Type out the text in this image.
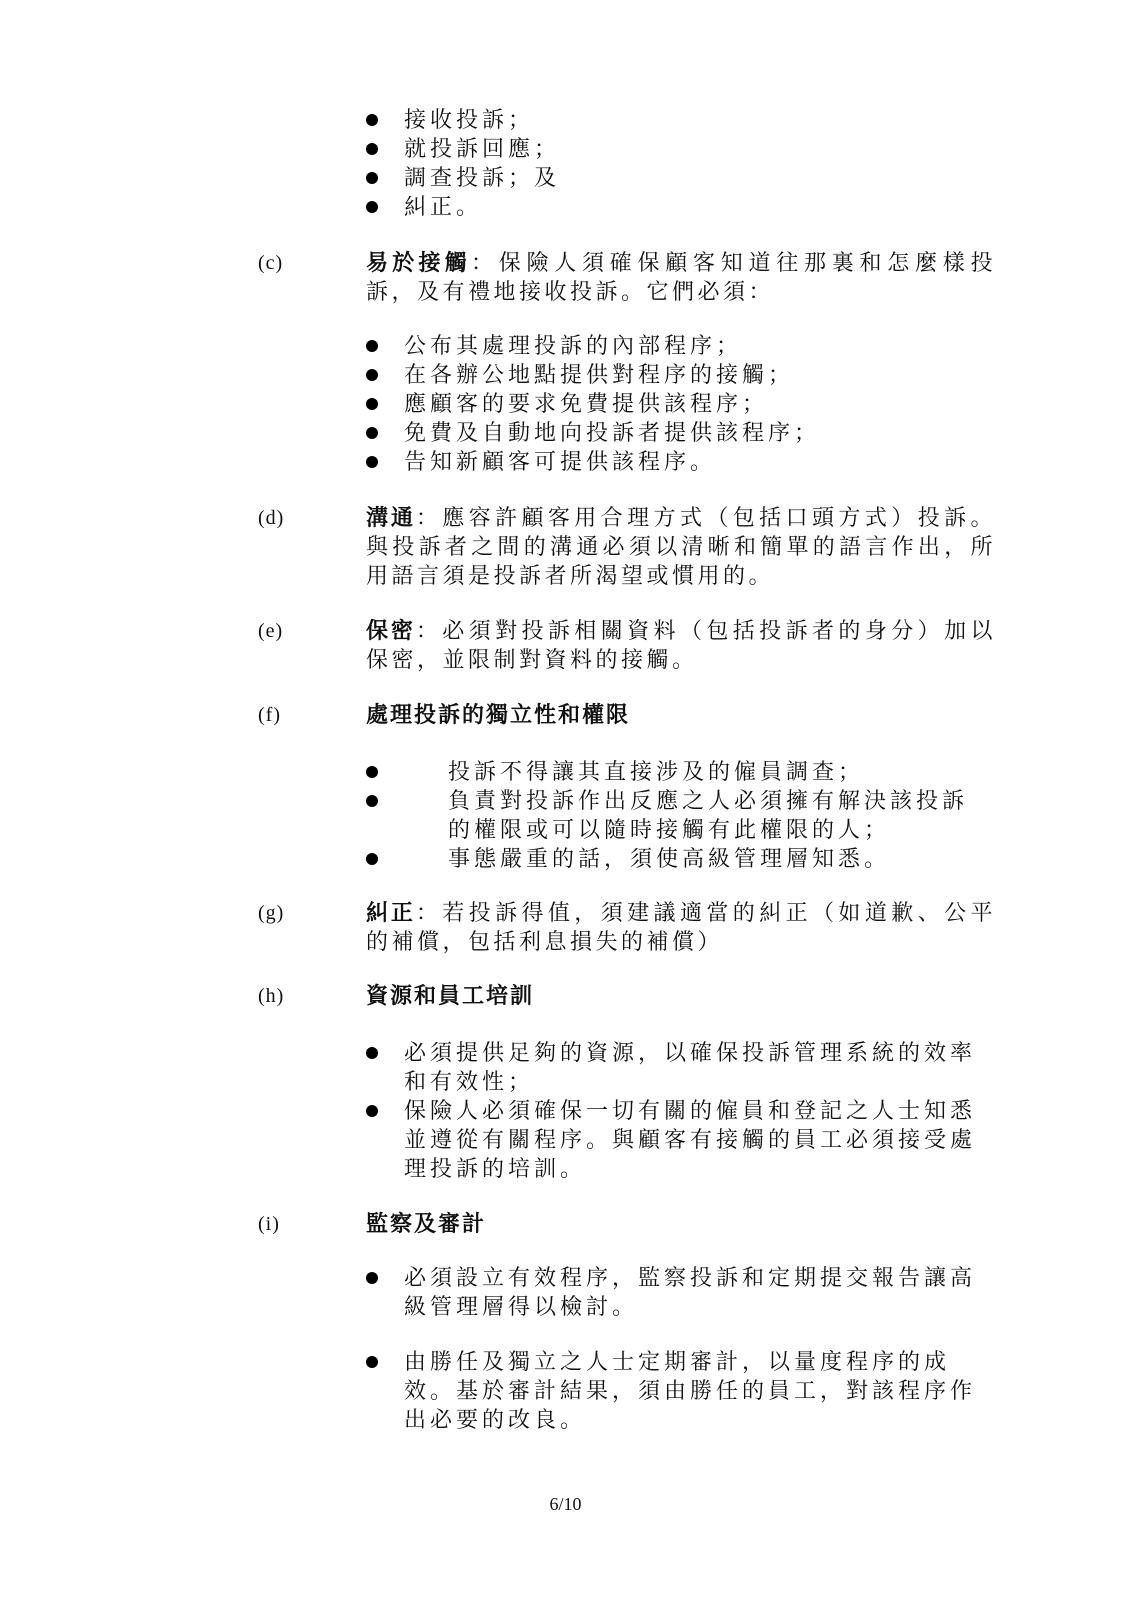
接收投訴；
就投訴回應；
調查投訴；及
糾正。
(c)	易於接觸：保險人須確保顧客知道往那裏和怎麼樣投訴，及有禮地接收投訴。它們必須：
公布其處理投訴的內部程序；
在各辦公地點提供對程序的接觸；
應顧客的要求免費提供該程序；
免費及自動地向投訴者提供該程序；
告知新顧客可提供該程序。
(d)	溝通：應容許顧客用合理方式（包括口頭方式）投訴。與投訴者之間的溝通必須以清晰和簡單的語言作出，所用語言須是投訴者所渴望或慣用的。
(e)	保密：必須對投訴相關資料（包括投訴者的身分）加以保密，並限制對資料的接觸。
(f)	處理投訴的獨立性和權限
投訴不得讓其直接涉及的僱員調查；
負責對投訴作出反應之人必須擁有解決該投訴的權限或可以隨時接觸有此權限的人；
事態嚴重的話，須使高級管理層知悉。
(g)	糾正：若投訴得值，須建議適當的糾正（如道歉、公平的補償，包括利息損失的補償）
(h)	資源和員工培訓
必須提供足夠的資源，以確保投訴管理系統的效率和有效性；
保險人必須確保一切有關的僱員和登記之人士知悉並遵從有關程序。與顧客有接觸的員工必須接受處理投訴的培訓。
(i)	監察及審計
必須設立有效程序，監察投訴和定期提交報告讓高級管理層得以檢討。
由勝任及獨立之人士定期審計，以量度程序的成效。基於審計結果，須由勝任的員工，對該程序作出必要的改良。
6/10
